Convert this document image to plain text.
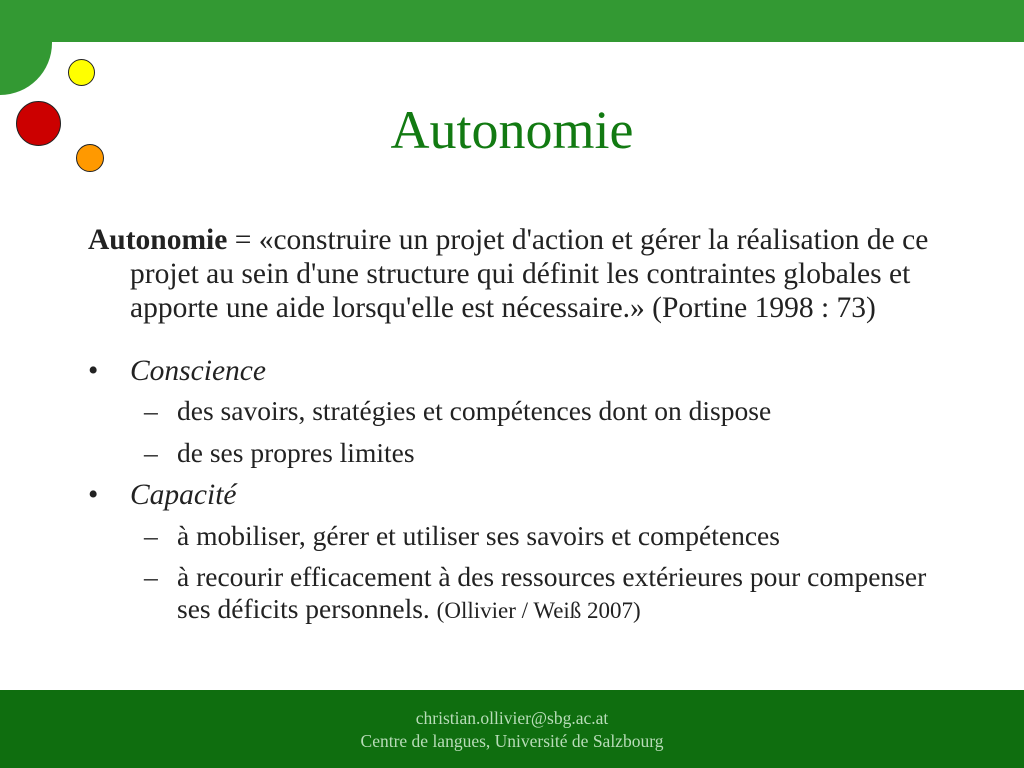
Autonomie

Autonomie = «construire un projet d'action et gérer la réalisation de ce projet au sein d'une structure qui définit les contraintes globales et apporte une aide lorsqu'elle est nécessaire.» (Portine 1998 : 73)

• Conscience
– des savoirs, stratégies et compétences dont on dispose
– de ses propres limites
• Capacité
– à mobiliser, gérer et utiliser ses savoirs et compétences
– à recourir efficacement à des ressources extérieures pour compenser ses déficits personnels. (Ollivier / Weiß 2007)
christian.ollivier@sbg.ac.at
Centre de langues, Université de Salzbourg
